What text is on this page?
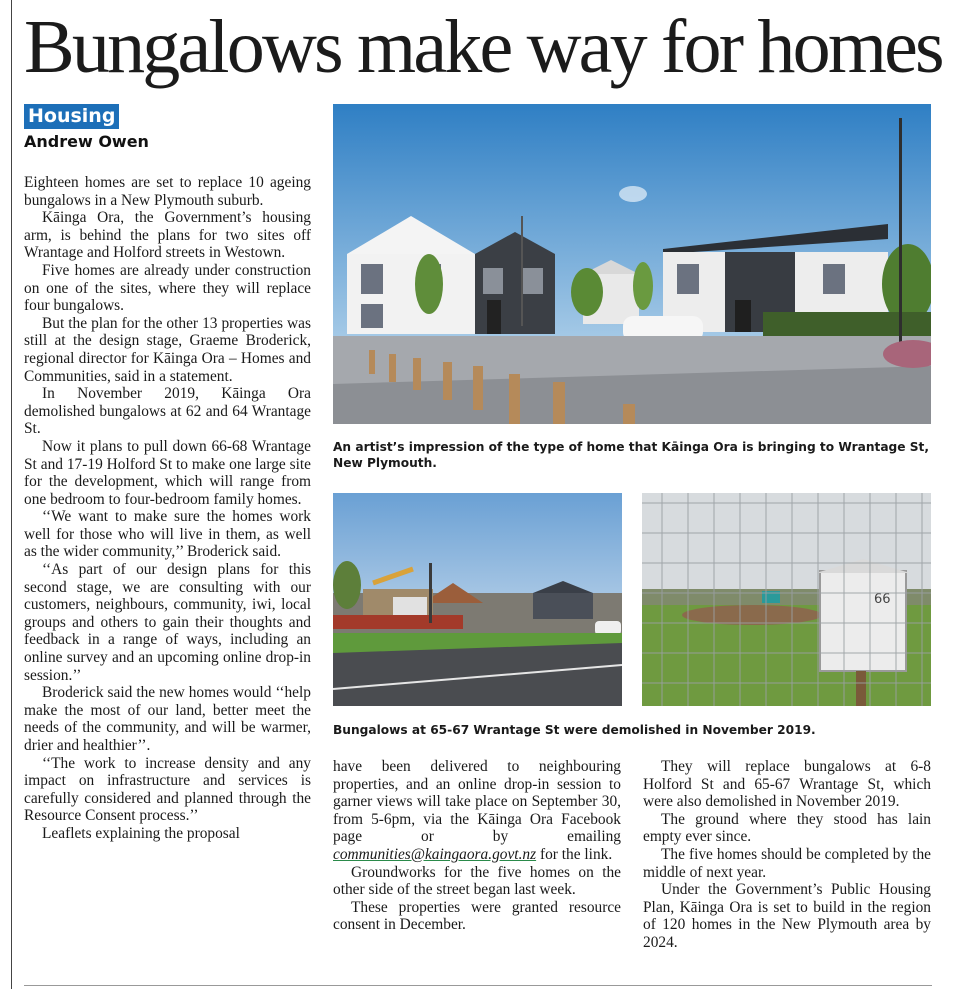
Bungalows make way for homes
Housing
Andrew Owen

Eighteen homes are set to replace 10 ageing bungalows in a New Plymouth suburb.

Kāinga Ora, the Government’s housing arm, is behind the plans for two sites off Wrantage and Holford streets in Westown.

Five homes are already under construction on one of the sites, where they will replace four bungalows.

But the plan for the other 13 properties was still at the design stage, Graeme Broderick, regional director for Kāinga Ora – Homes and Communities, said in a statement.

In November 2019, Kāinga Ora demolished bungalows at 62 and 64 Wrantage St.

Now it plans to pull down 66-68 Wrantage St and 17-19 Holford St to make one large site for the development, which will range from one bedroom to four-bedroom family homes.

‘‘We want to make sure the homes work well for those who will live in them, as well as the wider community,’’ Broderick said.

‘‘As part of our design plans for this second stage, we are consulting with our customers, neighbours, community, iwi, local groups and others to gain their thoughts and feedback in a range of ways, including an online survey and an upcoming online drop-in session.’’

Broderick said the new homes would ‘‘help make the most of our land, better meet the needs of the community, and will be warmer, drier and healthier’’.

‘‘The work to increase density and any impact on infrastructure and services is carefully considered and planned through the Resource Consent process.’’

Leaflets explaining the proposal

An artist’s impression of the type of home that Kāinga Ora is bringing to Wrantage St, New Plymouth.
66
Bungalows at 65-67 Wrantage St were demolished in November 2019.

have been delivered to neighbouring properties, and an online drop-in session to garner views will take place on September 30, from 5-6pm, via the Kāinga Ora Facebook page or by emailing communities@kaingaora.govt.nz for the link.

Groundworks for the five homes on the other side of the street began last week.

These properties were granted resource consent in December.

They will replace bungalows at 6-8 Holford St and 65-67 Wrantage St, which were also demolished in November 2019.

The ground where they stood has lain empty ever since.

The five homes should be completed by the middle of next year.

Under the Government’s Public Housing Plan, Kāinga Ora is set to build in the region of 120 homes in the New Plymouth area by 2024.
